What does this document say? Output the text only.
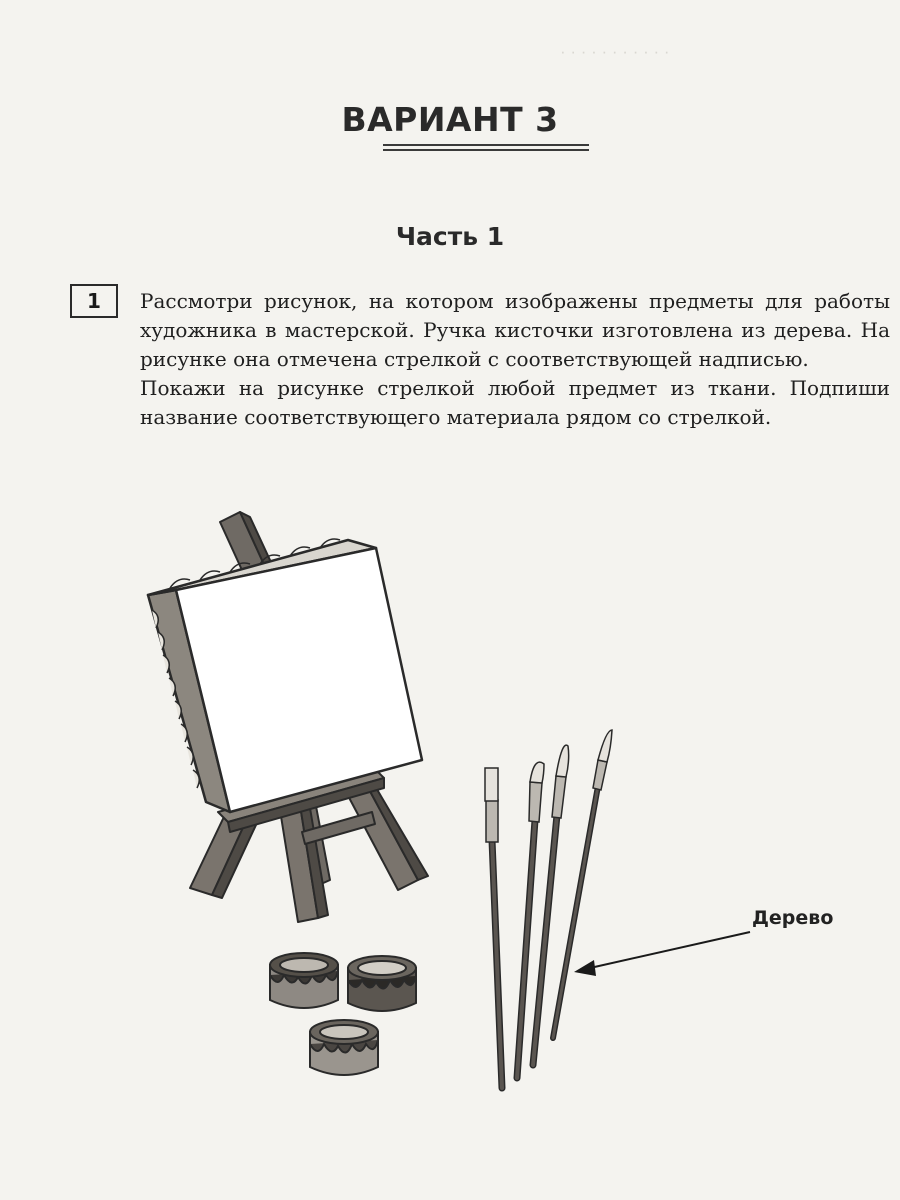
· · · · · · · · · · ·
ВАРИАНТ 3
Часть 1
1 Рассмотри рисунок, на котором изображены предметы для работы художника в мастерской. Ручка кисточки изготовлена из дерева. На рисунке она отмечена стрелкой с соответствующей надписью.

Покажи на рисунке стрелкой любой предмет из ткани. Подпиши название соответствующего материала рядом со стрелкой.

Дерево
